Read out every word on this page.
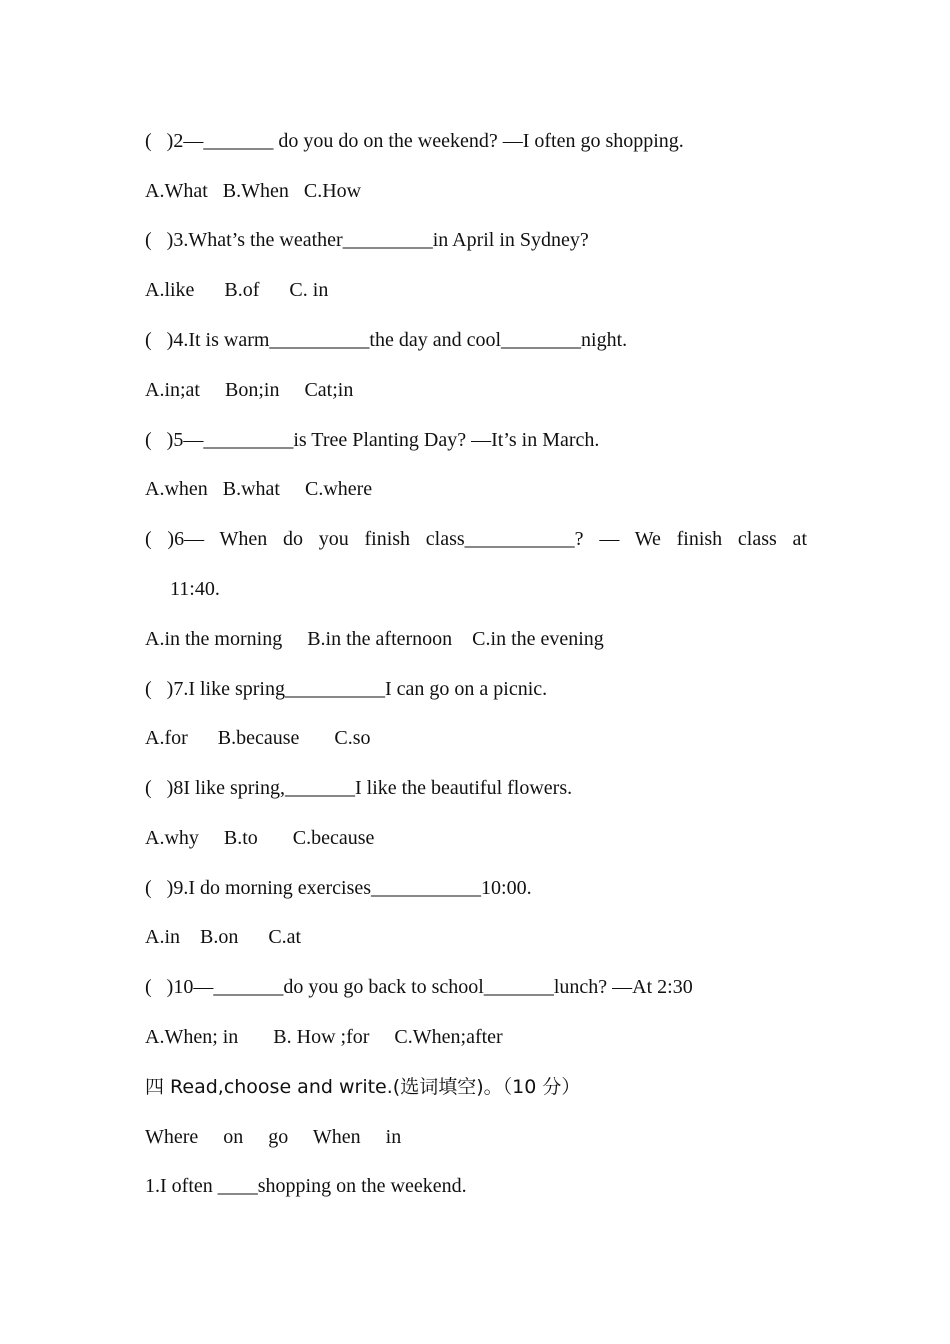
(   )2—_______ do you do on the weekend? —I often go shopping.

A.What   B.When   C.How

(   )3.What’s the weather_________in April in Sydney?

A.like      B.of      C. in

(   )4.It is warm__________the day and cool________night.

A.in;at     Bon;in     Cat;in

(   )5—_________is Tree Planting Day? —It’s in March.

A.when   B.what     C.where

( )6— When do you finish class___________? — We finish class at

11:40.

A.in the morning     B.in the afternoon    C.in the evening

(   )7.I like spring__________I can go on a picnic.

A.for      B.because       C.so

(   )8I like spring,_______I like the beautiful flowers.

A.why     B.to       C.because

(   )9.I do morning exercises___________10:00.

A.in    B.on      C.at

(   )10—_______do you go back to school_______lunch? —At 2:30

A.When; in       B. How ;for     C.When;after

四 Read,choose and write.(选词填空)。（10 分）

Where     on     go     When     in

1.I often ____shopping on the weekend.
